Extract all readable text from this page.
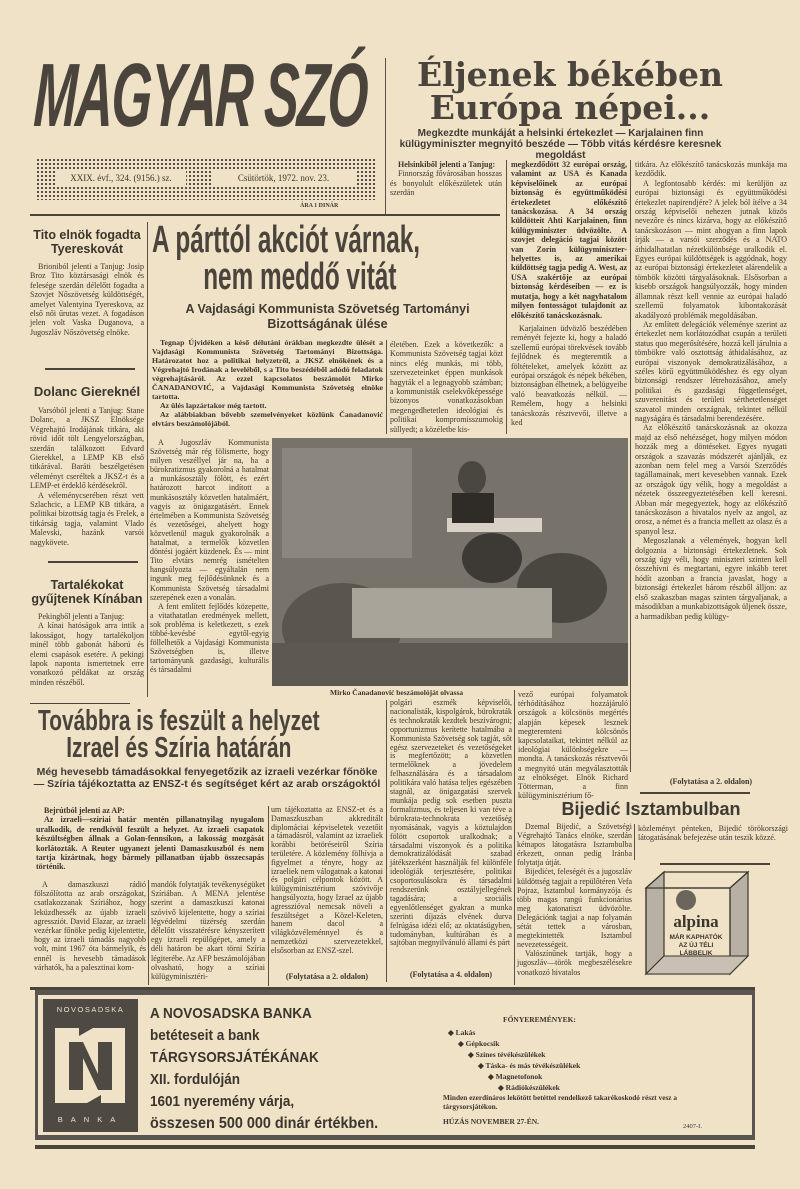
MAGYAR SZÓ
XXIX. évf., 324. (9156.) sz.	Csütörtök, 1972. nov. 23.
ÁRA 1 DINÁR
Éljenek békében
Európa népei...
Megkezdte munkáját a helsinki értekezlet — Karjalainen finn külügyminiszter megnyitó beszéde — Több vitás kérdésre keresnek megoldást

Helsinkiből jelenti a Tanjug:

Finnország fővárosában hosszas és bonyolult előkészületek után szerdán

megkezdődött 32 európai ország, valamint az USA és Kanada képviselőinek az európai biztonság és együttműködési értekezletet előkészítő tanácskozása. A 34 ország küldötteit Ahti Karjalainen, finn külügyminiszter üdvözölte. A szovjet delegáció tagjai között van Zorin külügyminiszter-helyettes is, az amerikai küldöttség tagja pedig A. West, az USA szakértője az európai biztonság kérdéseiben — ez is mutatja, hogy a két nagyhatalom milyen fontosságot tulajdonít az előkészítő tanácskozásnak.

Karjalainen üdvözlő beszédében reményét fejezte ki, hogy a haladó szellemű európai törekvések tovább fejlődnek és megteremtik a föltételeket, amelyek között az európai országok és népek békében, biztonságban élhetnek, a belügyeibe való beavatkozás nélkül. — Remélem, hogy a helsinki tanácskozás résztvevői, illetve a ked

titkára. Az előkészítő tanácskozás munkája ma kezdődik.

A legfontosabb kérdés: mi kerüljön az európai biztonsági és együttműködési értekezlet napirendjére? A jelek ból ítélve a 34 ország képviselői nehezen jutnak közös nevezőre és nincs kizárva, hogy az előkészítő tanácskozáson — mint ahogyan a finn lapok írják — a varsói szerződés és a NATO áthidalhatatlan nézetkülönbsége uralkodik el. Egyes európai küldöttségek is aggódnak, hogy az európai biztonsági értekezletet alárendelik a tömbök közötti tárgyalásoknak. Elsősorban a kisebb országok hangsúlyozzák, hogy minden államnak részt kell vennie az európai haladó szellemű folyamatok kibontakozását akadályozó problémák megoldásában.

Az említett delegációk véleménye szerint az értekezlet nem korlátozódhat csupán a területi status quo megerősítésére, hozzá kell járulnia a tömbökre való osztottság áthidalásához, az európai viszonyok demokratizálásához, a széles körű együttműködéshez és egy olyan biztonsági rendszer létrehozásához, amely politikai és gazdasági függetlenséget, szuverenitást és területi sérthetetlenséget szavatol minden országnak, tekintet nélkül nagyságára és társadalmi berendezésére.

Az előkészítő tanácskozásnak az okozza majd az első nehézséget, hogy milyen módon hozzák meg a döntéseket. Egyes nyugati országok a szavazás módszerét ajánlják, ez azonban nem felel meg a Varsói Szerződés tagállamainak, mert kevesebben vannak. Ezek az országok úgy vélik, hogy a megoldást a nézetek összeegyeztetésében kell keresni. Abban már megegyeztek, hogy az előkészítő tanácskozáson a hivatalos nyelv az angol, az orosz, a német és a francia mellett az olasz és a spanyol lesz.

Megoszlanak a vélemények, hogyan kell dolgoznia a biztonsági értekezletnek. Sok ország úgy véli, hogy miniszteri szinten kell összehívni és megtartani, egyre inkább teret hódít azonban a francia javaslat, hogy a biztonsági értekezlet három részből álljon: az első szakaszban magas szinten tárgyaljanak, a másodikban a munkabizottságok üljenek össze, a harmadikban pedig külügy-

vező európai folyamatok térhódításához hozzájáruló országok a kölcsönös megértés alapján képesek lesznek megteremteni kölcsönös kapcsolataikat, tekintet nélkül az ideológiai különbségekre — mondta. A tanácskozás résztvevői a megnyitó után megválasztották az elnökséget. Elnök Richard Tötterman, a finn külügyminisztérium fő-

(Folytatása a 2. oldalon)
Tito elnök fogadta Tyereskovát

Brioniból jelenti a Tanjug: Josip Broz Tito köztársasági elnök és felesége szerdán délelőtt fogadta a Szovjet Nőszövetség küldöttségét, amelyet Valentyina Tyereskova, az első női űrutas vezet. A fogadáson jelen volt Vaska Duganova, a Jugoszláv Nőszövetség elnöke.

Dolanc Giereknél

Varsóból jelenti a Tanjug: Stane Dolanc, a JKSZ Elnöksége Végrehajtó Irodájának titkára, aki rövid időt tölt Lengyelországban, szerdán találkozott Edvard Gierekkel, a LEMP KB első titkárával. Baráti beszélgetésen véleményt cseréltek a JKSZ-t és a LEMP-et érdeklő kérdésekről.

A véleménycserében részt vett Szlachcic, a LEMP KB titkára, a politikai bizottság tagja és Frelek, a titkárság tagja, valamint Vlado Malevski, hazánk varsói nagykövete.

Tartalékokat gyűjtenek Kínában

Pekingből jelenti a Tanjug:

A kínai hatóságok arra intik a lakosságot, hogy tartalékoljon minél több gabonát háború és elemi csapások esetére. A pekingi lapok naponta ismertetnek erre vonatkozó példákat az ország minden részéből.

A párttól akciót várnak,
nem meddő vitát
A Vajdasági Kommunista Szövetség Tartományi Bizottságának ülése

Tegnap Újvidéken a késő délutáni órákban megkezdte ülését a Vajdasági Kommunista Szövetség Tartományi Bizottsága. Határozatot hoz a politikai helyzetről, a JKSZ elnökének és a Végrehajtó Irodának a leveléből, s a Tito beszédéből adódó feladatok végrehajtásáról. Az ezzel kapcsolatos beszámolót Mirko ČANADANOVIĆ, a Vajdasági Kommunista Szövetség elnöke tartotta.

Az ülés lapzártakor még tartott.

Az alábbiakban bővebb szemelvényeket közlünk Čanadanović elvtárs beszámolójából.

életében. Ezek a következők: a Kommunista Szövetség tagjai közt nincs elég munkás, mi több, szervezeteinket éppen munkások hagyták el a legnagyobb számban; a kommunisták cselekvőképessége bizonyos vonatkozásokban megengedhetetlen ideológiai és politikai kompromisszumokig süllyedt; a közéletbe kis-

A Jugoszláv Kommunista Szövetség már rég fölismerte, hogy milyen veszéllyel jár na, ha a bürokratizmus gyakorolná a hatalmat a munkásosztály fölött, és ezért határozott harcot indított a munkásosztály közvetlen hatalmáért, vagyis az önigazgatásért. Ennek értelmében a Kommunista Szövetség és vezetőségei, ahelyett hogy közvetlenül maguk gyakorolnák a hatalmat, a termelők közvetlen döntési jogáért küzdenek. És — mint Tito elvtárs nemrég ismételten hangsúlyozta — egyáltalán nem ingunk meg fejlődésünknek és a Kommunista Szövetség társadalmi szerepének ezen a vonalán.

A fent említett fejlődés közepette, a vitathatatlan eredmények mellett, sok probléma is keletkezett, s ezek többé-kevésbé egytől-egyig föllelhetők a Vajdasági Kommunista Szövetségben is, illetve tartományunk gazdasági, kulturális és társadalmi

Mirko Čanadanović beszámolóját olvassa

polgári eszmék képviselői, nacionalisták, kispolgárok, bürokraták és technokraták kezdtek beszivárogni; opportunizmus kerítette hatalmába a Kommunista Szövetség sok tagját, sőt egész szervezeteket és vezetőségeket is megfertőzött; a közvetlen termelőknek a jövedelem felhasználására és a társadalom politikára való hatása teljes egészében stagnál, az önigazgatási szervek munkája pedig sok esetben puszta formalizmus, és teljesen ki van téve a bürokrata-technokrata vezetőség nyomásának, vagyis a köztulajdon fölött csoportok uralkodnak; a társadalmi viszonyok és a politika demokratizálódását szabad játékszerként használják fel különféle ideológiák terjesztésére, politikai csoportosulásokra és társadalmi rendszerünk osztályjellegének tagadására; a szociális egyenlőtlenséget gyakran a munka szerinti díjazás elvének durva felrúgása idézi elő; az oktatásügyben, tudományban, kultúrában és a sajtóban megnyilvánuló állami és párt

(Folytatása a 4. oldalon)
Továbbra is feszült a helyzet
Izrael és Szíria határán
Még hevesebb támadásokkal fenyegetőzik az izraeli vezérkar főnöke — Szíria tájékoztatta az ENSZ-t és segítséget kért az arab országoktól

Bejrútból jelenti az AP:

Az izraeli—szíriai határ mentén pillanatnyilag nyugalom uralkodik, de rendkívül feszült a helyzet. Az izraeli csapatok készültségben állnak a Golan-fennsíkon, a lakosság mozgását korlátozták. A Reuter ugyanezt jelenti Damaszkuszból és nem tartja kizártnak, hogy bármely pillanatban újabb összecsapás történik.

A damaszkuszi rádió fölszólította az arab országokat, csatlakozzanak Szíriához, hogy leküzdhessék az újabb izraeli agressziót. David Elazar, az izraeli vezérkar főnöke pedig kijelentette, hogy az izraeli támadás nagyobb volt, mint 1967 óta bármelyik, és ennél is hevesebb támadások várhatók, ha a palesztinai kom-

mandók folytatják tevékenységüket Szíriában. A MENA jelentése szerint a damaszkuszi katonai szóvivő kijelentette, hogy a szíriai légvédelmi tüzérség szerdán délelőtt visszatérésre kényszerített egy izraeli repülőgépet, amely a déli határon be akart törni Szíria légiterébe. Az AFP beszámolójában olvasható, hogy a szíriai külügyminisztéri-

um tájékoztatta az ENSZ-et és a Damaszkuszban akkreditált diplomáciai képviseletek vezetőit a támadásról, valamint az izraeliek korábbi betöréseiről Szíria területére. A közlemény fölhívja a figyelmet a tényre, hogy az izraeliek nem válogatnak a katonai és polgári célpontok között. A külügyminisztérium szóvivője hangsúlyozta, hogy Izrael az újabb agresszióval nemcsak növeli a feszültséget a Közel-Keleten, hanem dacol a világközvéleménnyel és a nemzetközi szervezetekkel, elsősorban az ENSZ-szel.

(Folytatása a 2. oldalon)
Bijedić Isztambulban

Dzemal Bijedić, a Szövetségi Végrehajtó Tanács elnöke, szerdán kétnapos látogatásra Isztambulba érkezett, onnan pedig Iránba folytatja útját.

Bijedićet, feleségét és a jugoszláv küldöttség tagjait a repülőtéren Vefa Pojraz, Isztambul kormányzója és több magas rangú funkcionárius meg katonatiszt üdvözölte. Delegációnk tagjai a nap folyamán sétát tettek a városban, megtekintették Isztambul nevezetességeit.

Valószínűnek tartják, hogy a jugoszláv—török megbeszélésekre vonatkozó hivatalos

közleményt pénteken, Bijedić törökországi látogatásának befejezése után teszik közzé.

alpina
MÁR KAPHATÓK
AZ ÚJ TÉLI
LÁBBELIK
NOVOSADSKA
BANKA
A NOVOSADSKA BANKA
betéteseit a bank
TÁRGYSORSJÁTÉKÁNAK
XII. fordulóján
1601 nyeremény várja,
összesen 500 000 dinár értékben.
FŐNYEREMÉNYEK:
◆ Lakás
◆ Gépkocsik
◆ Színes tévékészülékek
◆ Táska- és más tévékészülékek
◆ Magnetofonok
◆ Rádiókészülékek
Minden ezerdináros lekötött betéttel rendelkező takarékoskodó részt vesz a tárgysorsjátékon.
HÚZÁS NOVEMBER 27-ÉN.
2407-I.
